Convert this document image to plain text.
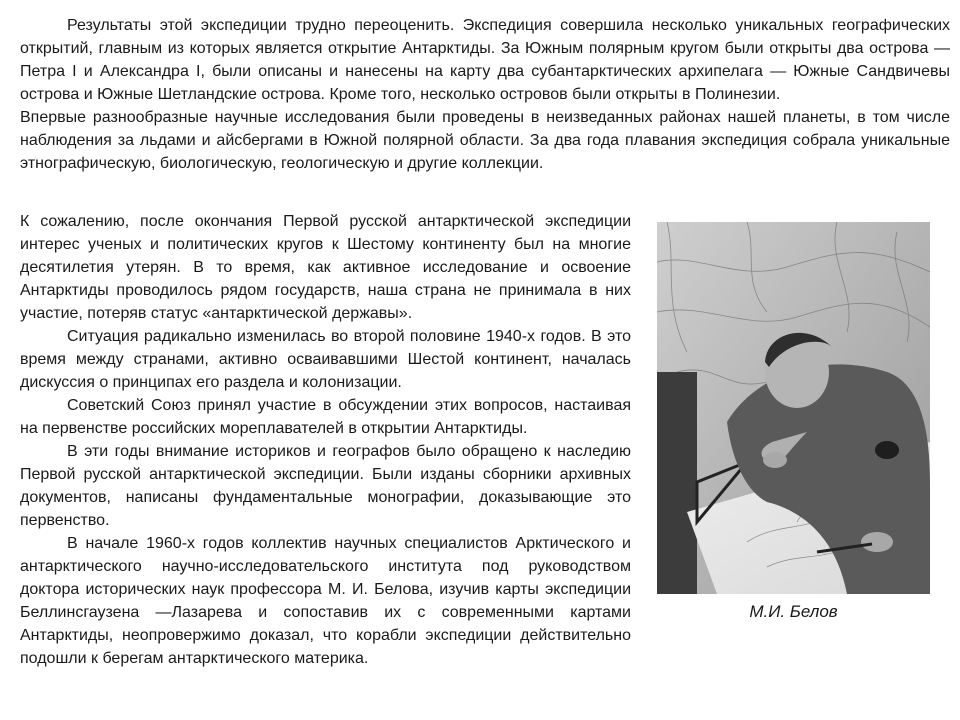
Результаты этой экспедиции трудно переоценить. Экспедиция совершила несколько уникальных географических открытий, главным из которых является открытие Антарктиды. За Южным полярным кругом были открыты два острова — Петра I и Александра I, были описаны и нанесены на карту два субантарктических архипелага — Южные Сандвичевы острова и Южные Шетландские острова. Кроме того, несколько островов были открыты в Полинезии.

Впервые разнообразные научные исследования были проведены в неизведанных районах нашей планеты, в том числе наблюдения за льдами и айсбергами в Южной полярной области. За два года плавания экспедиция собрала уникальные этнографическую, биологическую, геологическую и другие коллекции.

К сожалению, после окончания Первой русской антарктической экспедиции интерес ученых и политических кругов к Шестому континенту был на многие десятилетия утерян. В то время, как активное исследование и освоение Антарктиды проводилось рядом государств, наша страна не принимала в них участие, потеряв статус «антарктической державы».

Ситуация радикально изменилась во второй половине 1940-х годов. В это время между странами, активно осваивавшими Шестой континент, началась дискуссия о принципах его раздела и колонизации.

Советский Союз принял участие в обсуждении этих вопросов, настаивая на первенстве российских мореплавателей в открытии Антарктиды.

В эти годы внимание историков и географов было обращено к наследию Первой русской антарктической экспедиции. Были изданы сборники архивных документов, написаны фундаментальные монографии, доказывающие это первенство.

В начале 1960-х годов коллектив научных специалистов Арктического и антарктического научно-исследовательского института под руководством доктора исторических наук профессора М. И. Белова, изучив карты экспедиции Беллинсгаузена —Лазарева и сопоставив их с современными картами Антарктиды, неопровержимо доказал, что корабли экспедиции действительно подошли к берегам антарктического материка.

М.И. Белов
